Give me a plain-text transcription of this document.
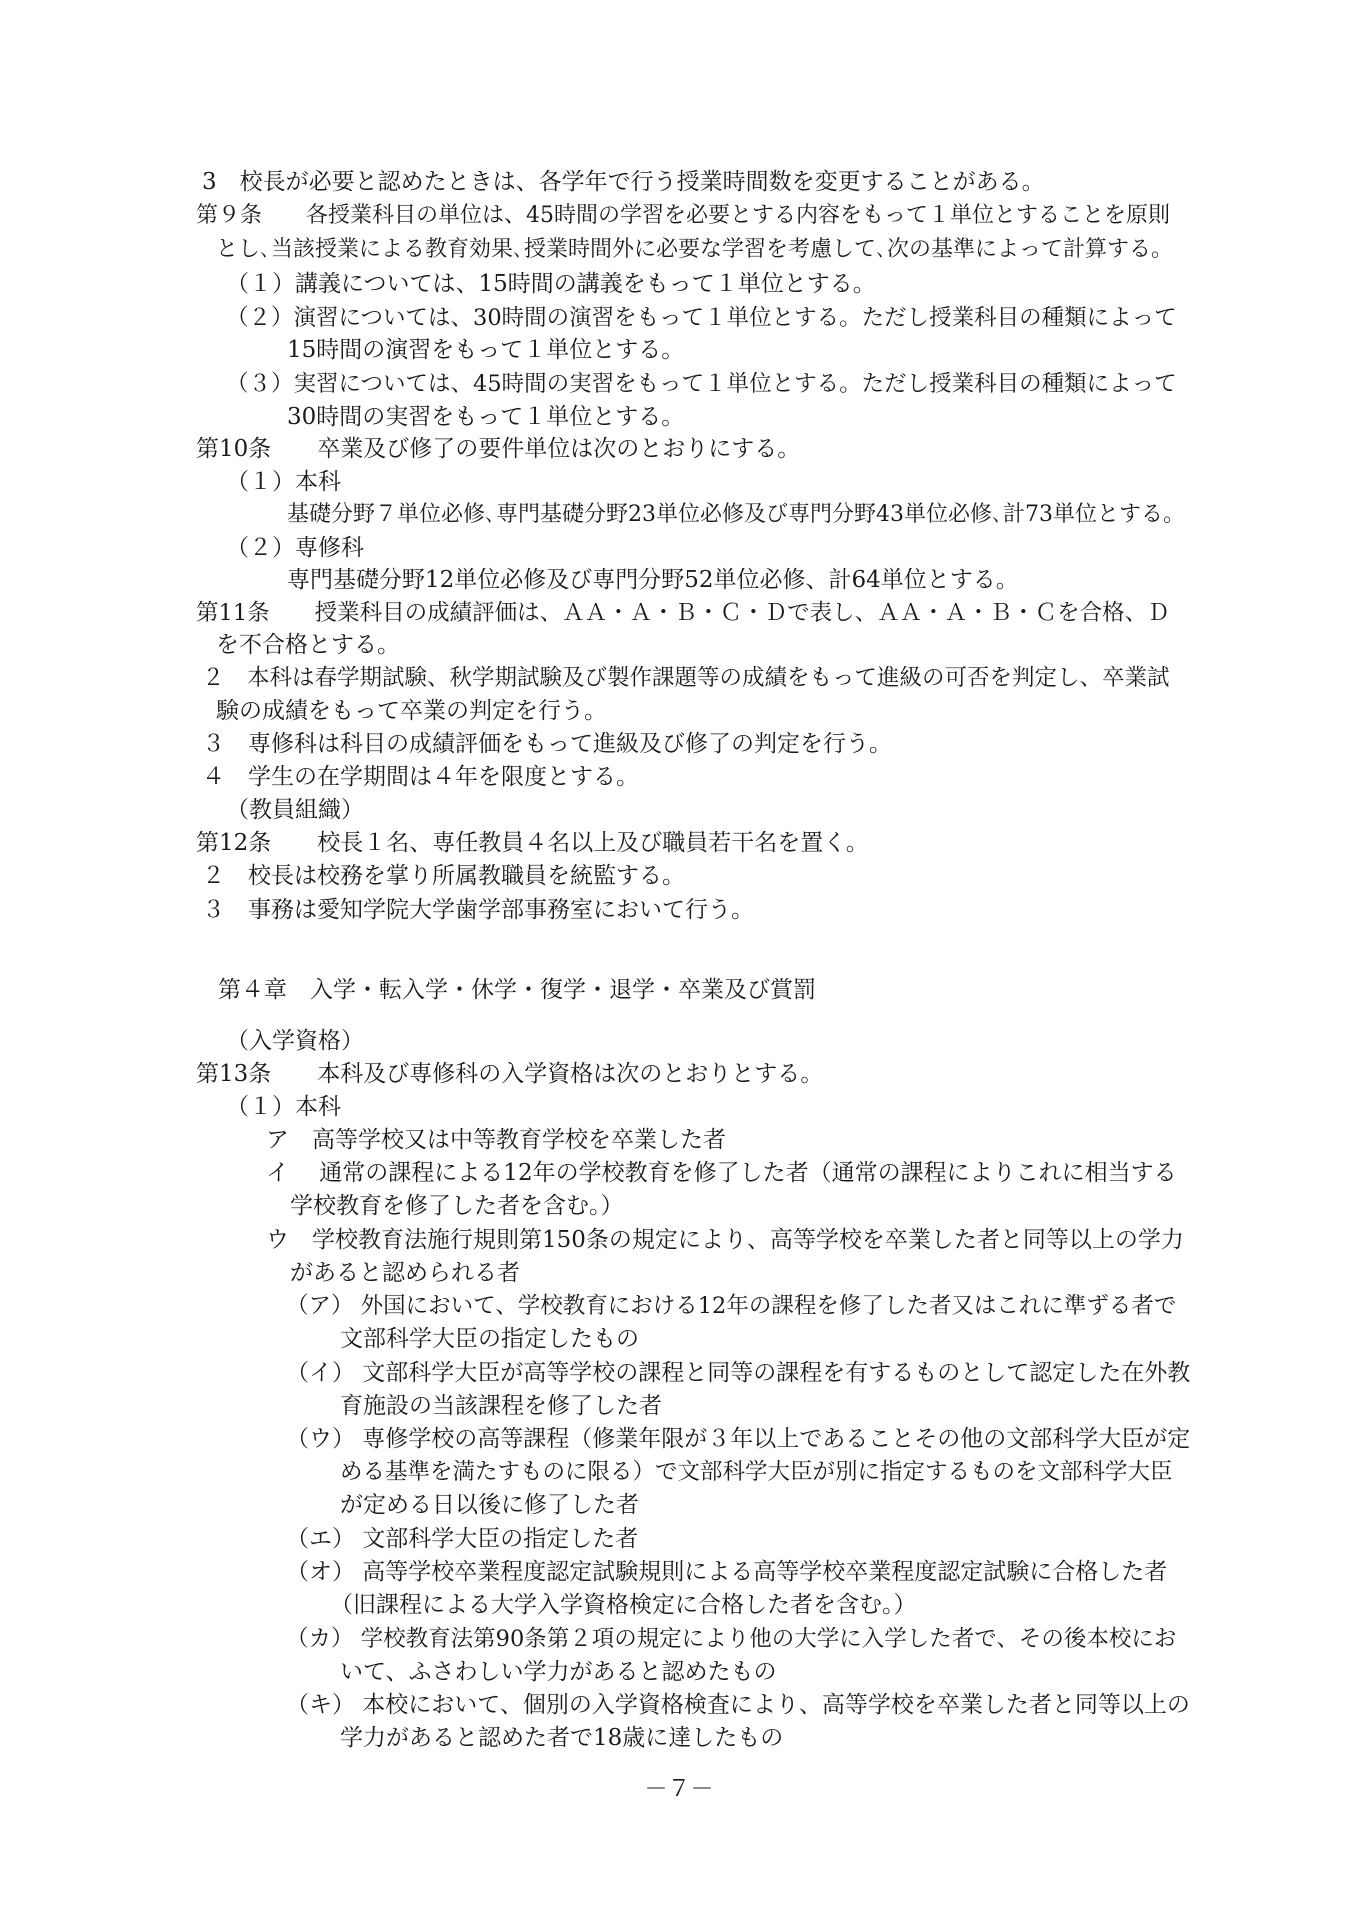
3　校長が必要と認めたときは、各学年で行う授業時間数を変更することがある。
第９条　　各授業科目の単位は、45時間の学習を必要とする内容をもって１単位とすることを原則
とし､当該授業による教育効果､授業時間外に必要な学習を考慮して､次の基準によって計算する。
（１）講義については、15時間の講義をもって１単位とする。
（２）演習については、30時間の演習をもって１単位とする。ただし授業科目の種類によって
15時間の演習をもって１単位とする。
（３）実習については、45時間の実習をもって１単位とする。ただし授業科目の種類によって
30時間の実習をもって１単位とする。
第10条　　卒業及び修了の要件単位は次のとおりにする。
（１）本科
基礎分野７単位必修､専門基礎分野23単位必修及び専門分野43単位必修､計73単位とする。
（２）専修科
専門基礎分野12単位必修及び専門分野52単位必修、計64単位とする。
第11条　　授業科目の成績評価は、ＡＡ・Ａ・Ｂ・Ｃ・Ｄで表し、ＡＡ・Ａ・Ｂ・Ｃを合格、Ｄ
を不合格とする。
２　本科は春学期試験、秋学期試験及び製作課題等の成績をもって進級の可否を判定し、卒業試
験の成績をもって卒業の判定を行う。
３　専修科は科目の成績評価をもって進級及び修了の判定を行う。
４　学生の在学期間は４年を限度とする。
（教員組織）
第12条　　校長１名、専任教員４名以上及び職員若干名を置く。
２　校長は校務を掌り所属教職員を統監する。
３　事務は愛知学院大学歯学部事務室において行う。
第４章　入学・転入学・休学・復学・退学・卒業及び賞罰
（入学資格）
第13条　　本科及び専修科の入学資格は次のとおりとする。
（１）本科
ア　高等学校又は中等教育学校を卒業した者
イ　 通常の課程による12年の学校教育を修了した者（通常の課程によりこれに相当する
学校教育を修了した者を含む｡）
ウ　学校教育法施行規則第150条の規定により、高等学校を卒業した者と同等以上の学力
があると認められる者
（ア） 外国において、学校教育における12年の課程を修了した者又はこれに準ずる者で
文部科学大臣の指定したもの
（イ） 文部科学大臣が高等学校の課程と同等の課程を有するものとして認定した在外教
育施設の当該課程を修了した者
（ウ） 専修学校の高等課程（修業年限が３年以上であることその他の文部科学大臣が定
める基準を満たすものに限る）で文部科学大臣が別に指定するものを文部科学大臣
が定める日以後に修了した者
（エ） 文部科学大臣の指定した者
（オ） 高等学校卒業程度認定試験規則による高等学校卒業程度認定試験に合格した者
（旧課程による大学入学資格検定に合格した者を含む｡）
（カ） 学校教育法第90条第２項の規定により他の大学に入学した者で、その後本校にお
いて、ふさわしい学力があると認めたもの
（キ） 本校において、個別の入学資格検査により、高等学校を卒業した者と同等以上の
学力があると認めた者で18歳に達したもの
－７－
